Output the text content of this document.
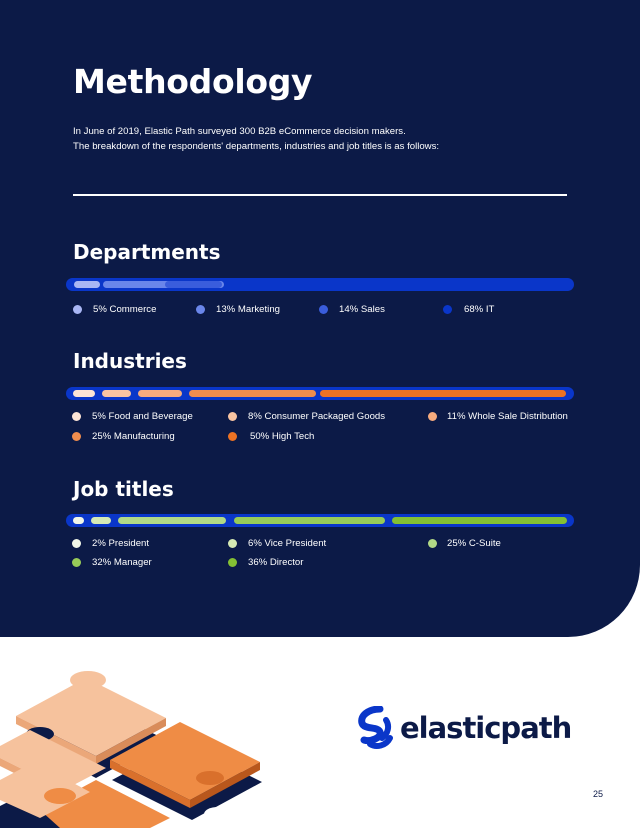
Methodology

In June of 2019, Elastic Path surveyed 300 B2B eCommerce decision makers.

The breakdown of the respondents' departments, industries and job titles is as follows:

Departments
5% Commerce	13% Marketing	14% Sales	68% IT
Industries
5% Food and Beverage	8% Consumer Packaged Goods	11% Whole Sale Distribution
25% Manufacturing	50% High Tech
Job titles
2% President	6% Vice President	25% C-Suite
32% Manager	36% Director
elasticpath
25
